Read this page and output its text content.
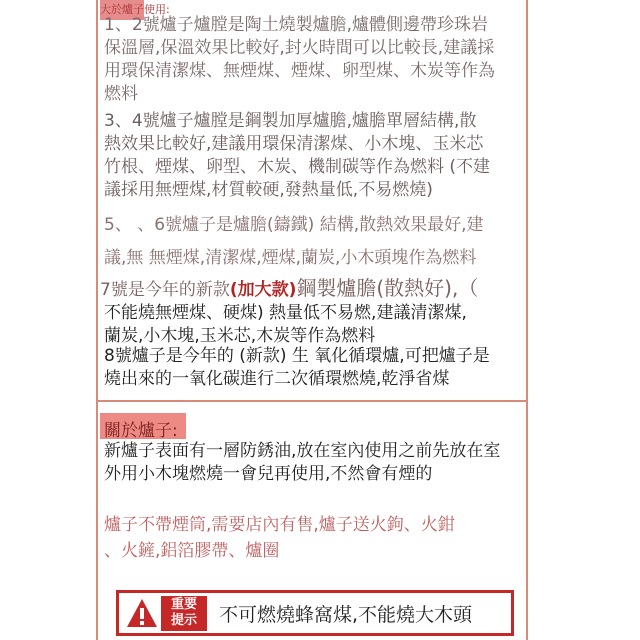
大於爐子使用:

1、2號爐子爐膛是陶土燒製爐膽,爐體側邊帶珍珠岩
保溫層,保溫效果比較好,封火時間可以比較長,建議採
用環保清潔煤、無煙煤、煙煤、卵型煤、木炭等作為
燃料
3、4號爐子爐膛是鋼製加厚爐膽,爐膽單層結構,散
熱效果比較好,建議用環保清潔煤、小木塊、玉米芯
竹根、煙煤、卵型、木炭、機制碳等作為燃料 (不建
議採用無煙煤,材質較硬,發熱量低,不易燃燒)

5、 、6號爐子是爐膽(鑄鐵) 結構,散熱效果最好,建

議,無 無煙煤,清潔煤,煙煤,蘭炭,小木頭塊作為燃料

7號是今年的新款(加大款)鋼製爐膽(散熱好),（

不能燒無煙煤、硬煤) 熱量低不易燃,建議清潔煤,

蘭炭,小木塊,玉米芯,木炭等作為燃料

8號爐子是今年的 (新款) 生 氧化循環爐,可把爐子是
燒出來的一氧化碳進行二次循環燃燒,乾淨省煤

關於爐子:

新爐子表面有一層防銹油,放在室內使用之前先放在室
外用小木塊燃燒一會兒再使用,不然會有煙的
爐子不帶煙筒,需要店內有售,爐子送火鉤、火鉗
、火鏟,鋁箔膠帶、爐圈
重要
提示	不可燃燒蜂窩煤,不能燒大木頭
